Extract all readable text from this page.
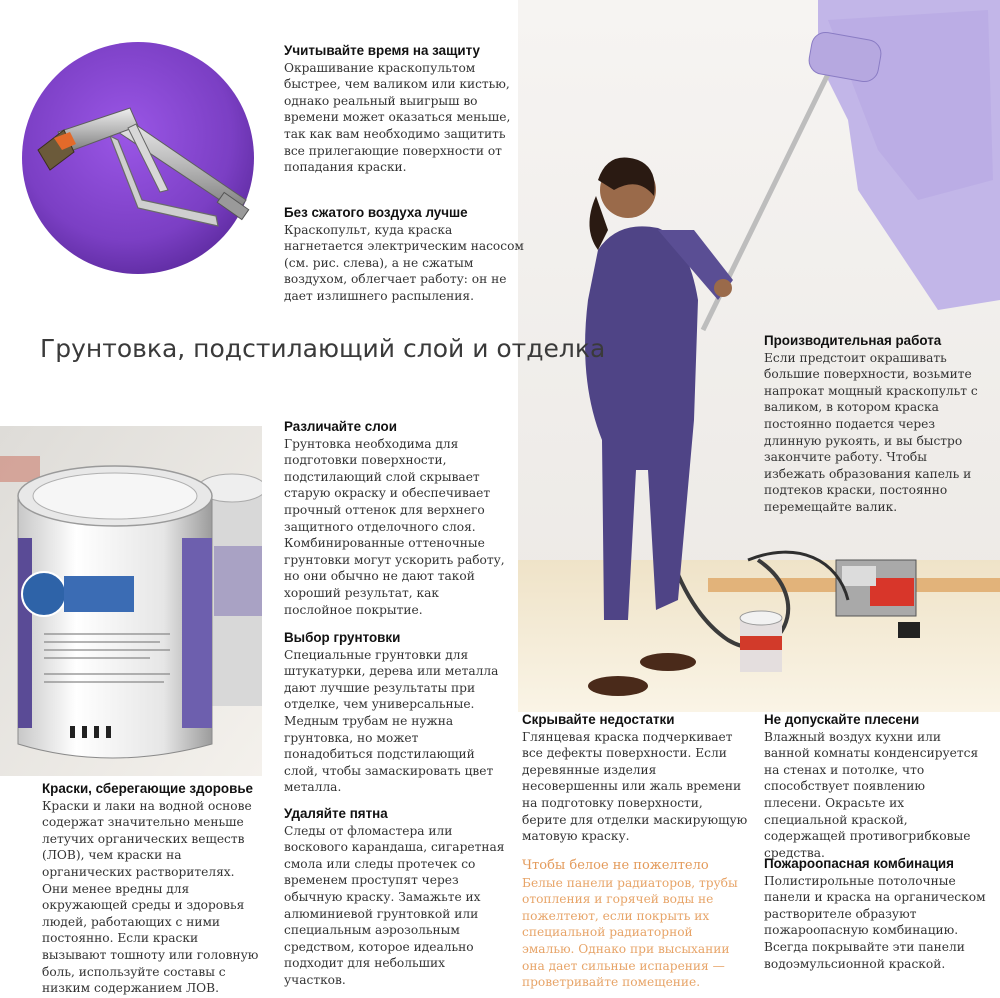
Грунтовка, подстилающий слой и отделка
Учитывайте время на защиту

Окрашивание краскопультом быстрее, чем валиком или кистью, однако реальный выигрыш во времени может оказаться меньше, так как вам необходимо защитить все прилегающие поверхности от попадания краски.

Без сжатого воздуха лучше

Краскопульт, куда краска нагнетается электрическим насосом (см. рис. слева), а не сжатым воздухом, облегчает работу: он не дает излишнего распыления.

Различайте слои

Грунтовка необходима для подготовки поверхности, подстилающий слой скрывает старую окраску и обеспечивает прочный оттенок для верхнего защитного отделочного слоя. Комбинированные оттеночные грунтовки могут ускорить работу, но они обычно не дают такой хороший результат, как послойное покрытие.

Выбор грунтовки

Специальные грунтовки для штукатурки, дерева или металла дают лучшие результаты при отделке, чем универсальные. Медным трубам не нужна грунтовка, но может понадобиться подстилающий слой, чтобы замаскировать цвет металла.

Удаляйте пятна

Следы от фломастера или воскового карандаша, сигаретная смола или следы протечек со временем проступят через обычную краску. Замажьте их алюминиевой грунтовкой или специальным аэрозольным средством, которое идеально подходит для небольших участков.

Краски, сберегающие здоровье

Краски и лаки на водной основе содержат значительно меньше летучих органических веществ (ЛОВ), чем краски на органических растворителях. Они менее вредны для окружающей среды и здоровья людей, работающих с ними постоянно. Если краски вызывают тошноту или головную боль, используйте составы с низким содержанием ЛОВ.

Производительная работа

Если предстоит окрашивать большие поверхности, возьмите напрокат мощный краскопульт с валиком, в котором краска постоянно подается через длинную рукоять, и вы быстро закончите работу. Чтобы избежать образования капель и подтеков краски, постоянно перемещайте валик.

Скрывайте недостатки

Глянцевая краска подчеркивает все дефекты поверхности. Если деревянные изделия несовершенны или жаль времени на подготовку поверхности, берите для отделки маскирующую матовую краску.

Не допускайте плесени

Влажный воздух кухни или ванной комнаты конденсируется на стенах и потолке, что способствует появлению плесени. Окрасьте их специальной краской, содержащей противогрибковые средства.

Чтобы белое не пожелтело

Белые панели радиаторов, трубы отопления и горячей воды не пожелтеют, если покрыть их специальной радиаторной эмалью. Однако при высыхании она дает сильные испарения — проветривайте помещение.

Пожароопасная комбинация

Полистирольные потолочные панели и краска на органическом растворителе образуют пожароопасную комбинацию. Всегда покрывайте эти панели водоэмульсионной краской.
